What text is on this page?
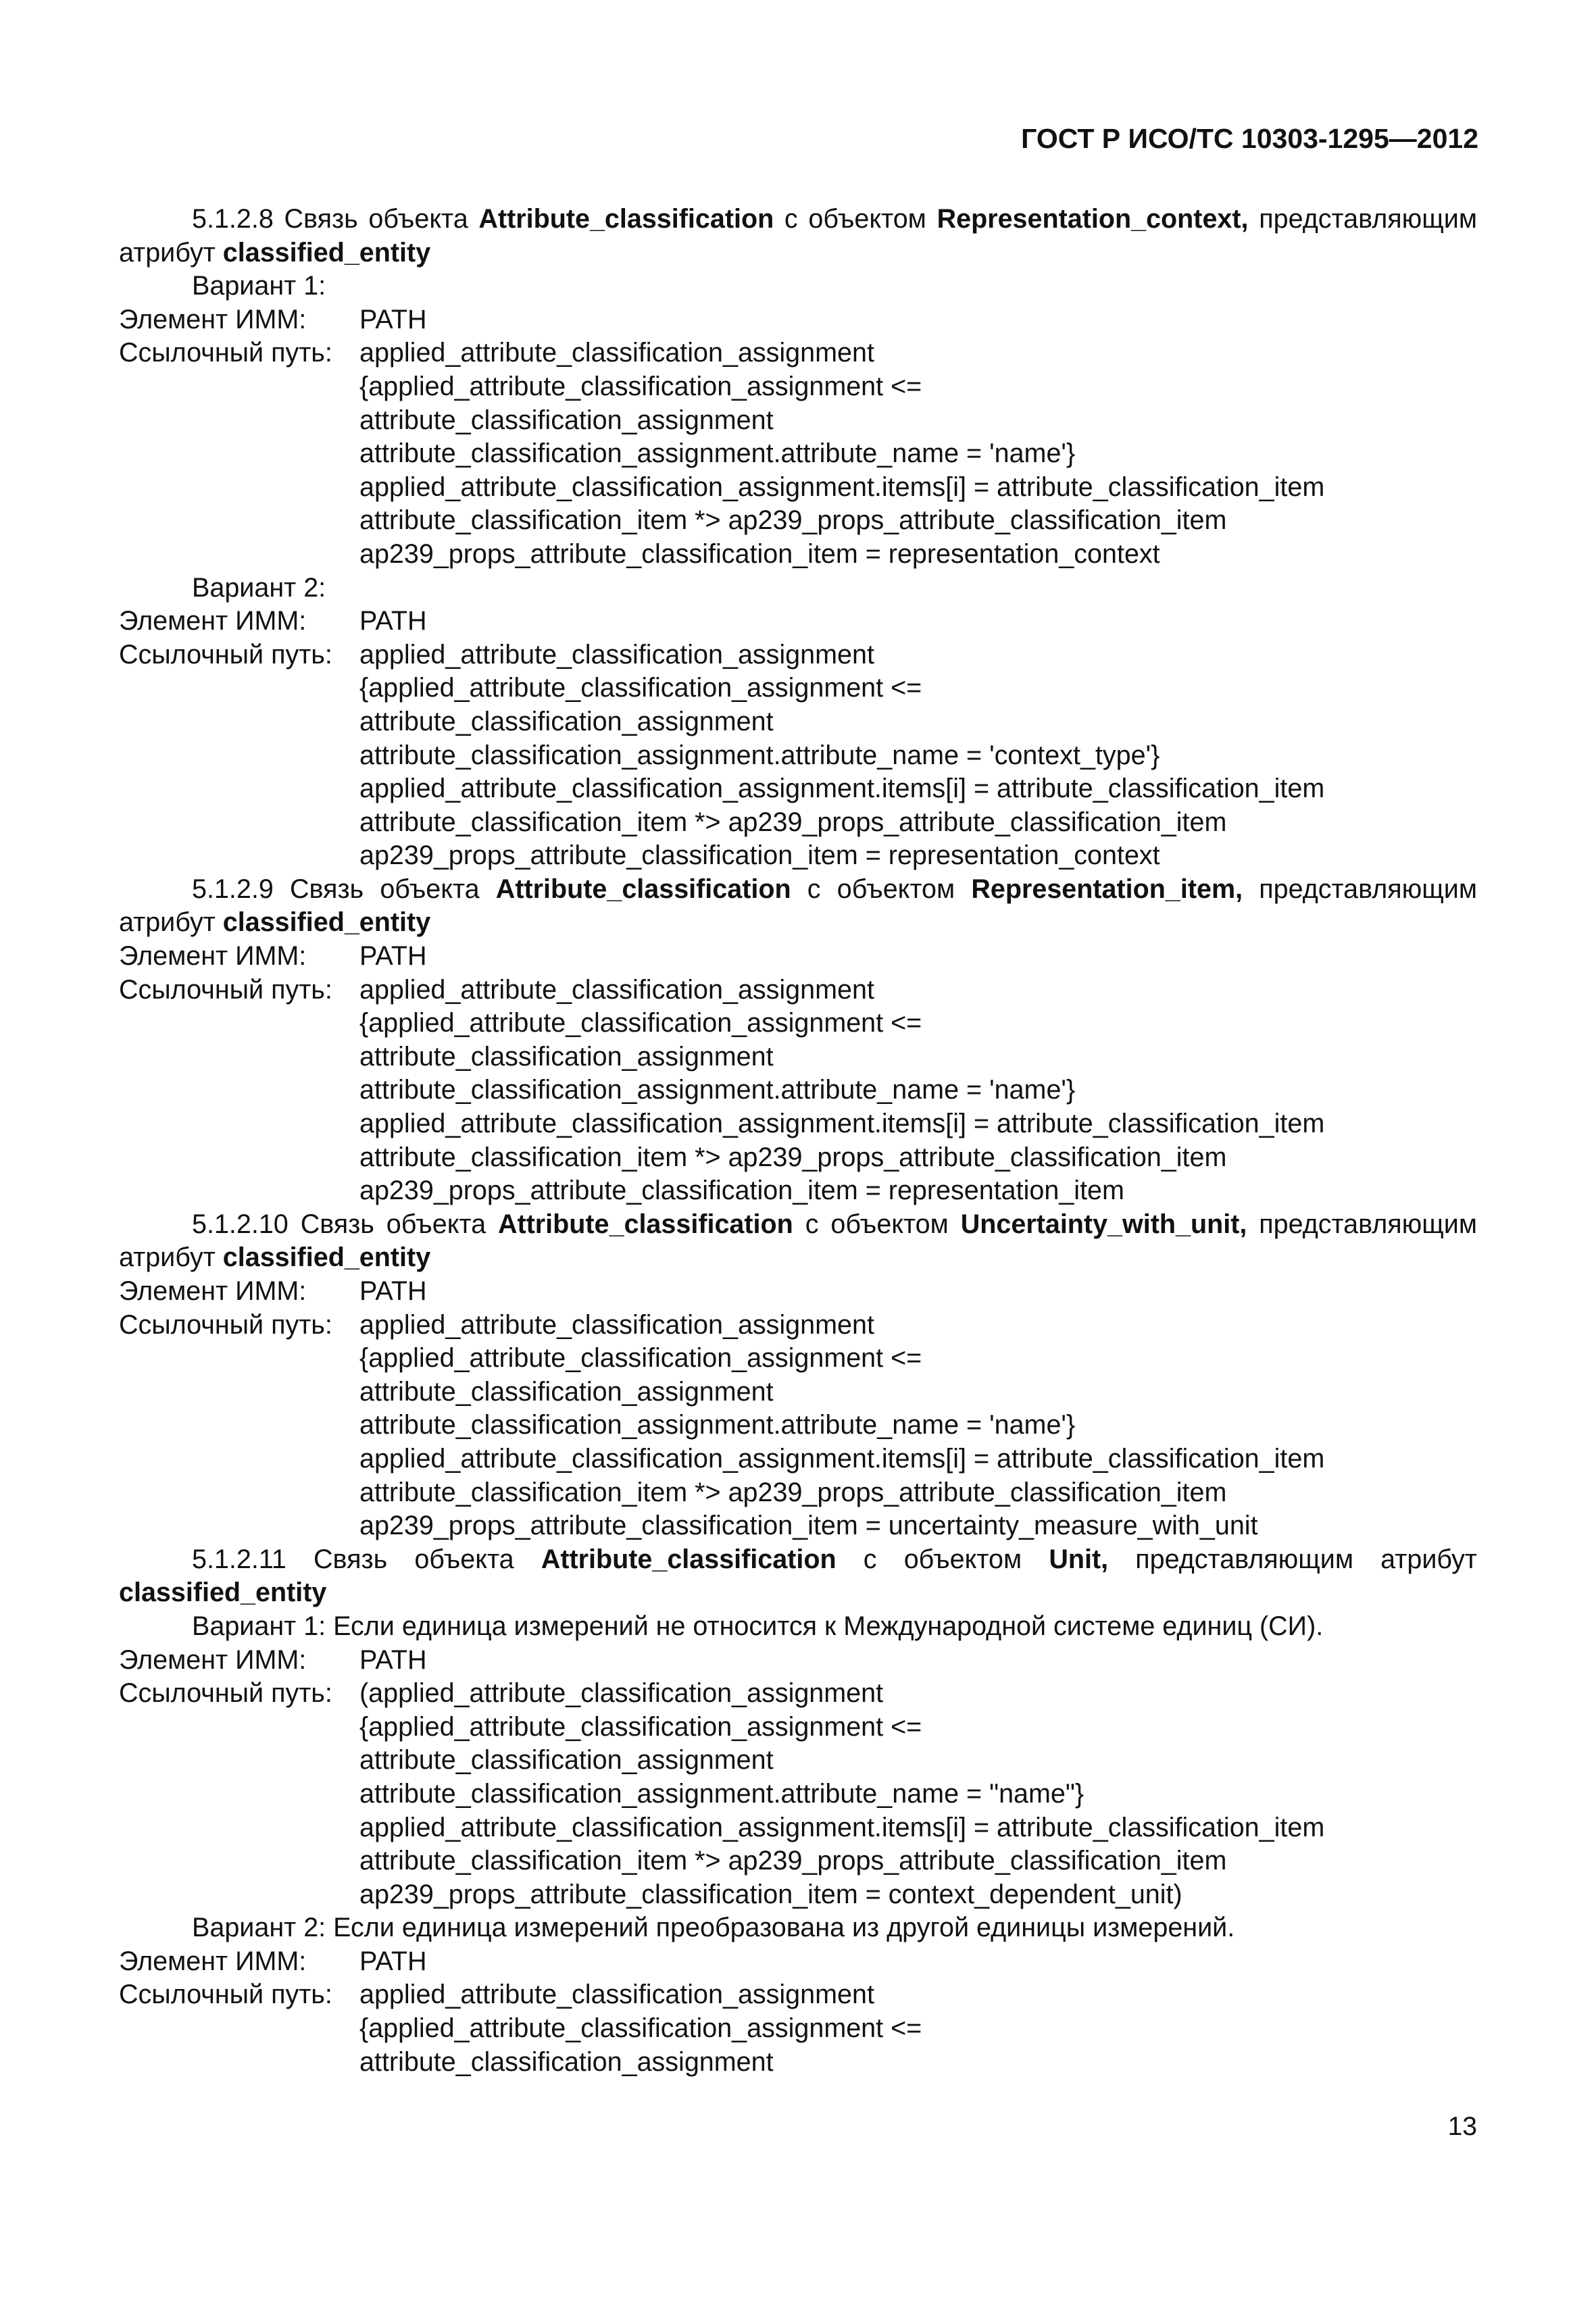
ГОСТ Р ИСО/ТС 10303-1295—2012
5.1.2.8 Связь объекта Attribute_classification с объектом Representation_context, представляющим
атрибут classified_entity
Вариант 1:
Элемент ИММ:	PATH
Ссылочный путь:	applied_attribute_classification_assignment
{applied_attribute_classification_assignment <=
attribute_classification_assignment
attribute_classification_assignment.attribute_name = 'name'}
applied_attribute_classification_assignment.items[i] = attribute_classification_item
attribute_classification_item *> ap239_props_attribute_classification_item
ap239_props_attribute_classification_item = representation_context
Вариант 2:
Элемент ИММ:	PATH
Ссылочный путь:	applied_attribute_classification_assignment
{applied_attribute_classification_assignment <=
attribute_classification_assignment
attribute_classification_assignment.attribute_name = 'context_type'}
applied_attribute_classification_assignment.items[i] = attribute_classification_item
attribute_classification_item *> ap239_props_attribute_classification_item
ap239_props_attribute_classification_item = representation_context
5.1.2.9 Связь объекта Attribute_classification с объектом Representation_item, представляющим
атрибут classified_entity
Элемент ИММ:	PATH
Ссылочный путь:	applied_attribute_classification_assignment
{applied_attribute_classification_assignment <=
attribute_classification_assignment
attribute_classification_assignment.attribute_name = 'name'}
applied_attribute_classification_assignment.items[i] = attribute_classification_item
attribute_classification_item *> ap239_props_attribute_classification_item
ap239_props_attribute_classification_item = representation_item
5.1.2.10 Связь объекта Attribute_classification с объектом Uncertainty_with_unit, представляющим
атрибут classified_entity
Элемент ИММ:	PATH
Ссылочный путь:	applied_attribute_classification_assignment
{applied_attribute_classification_assignment <=
attribute_classification_assignment
attribute_classification_assignment.attribute_name = 'name'}
applied_attribute_classification_assignment.items[i] = attribute_classification_item
attribute_classification_item *> ap239_props_attribute_classification_item
ap239_props_attribute_classification_item = uncertainty_measure_with_unit
5.1.2.11 Связь объекта Attribute_classification с объектом Unit, представляющим атрибут
classified_entity
Вариант 1: Если единица измерений не относится к Международной системе единиц (СИ).
Элемент ИММ:	PATH
Ссылочный путь:	(applied_attribute_classification_assignment
{applied_attribute_classification_assignment <=
attribute_classification_assignment
attribute_classification_assignment.attribute_name = "name"}
applied_attribute_classification_assignment.items[i] = attribute_classification_item
attribute_classification_item *> ap239_props_attribute_classification_item
ap239_props_attribute_classification_item = context_dependent_unit)
Вариант 2: Если единица измерений преобразована из другой единицы измерений.
Элемент ИММ:	PATH
Ссылочный путь:	applied_attribute_classification_assignment
{applied_attribute_classification_assignment <=
attribute_classification_assignment
13
